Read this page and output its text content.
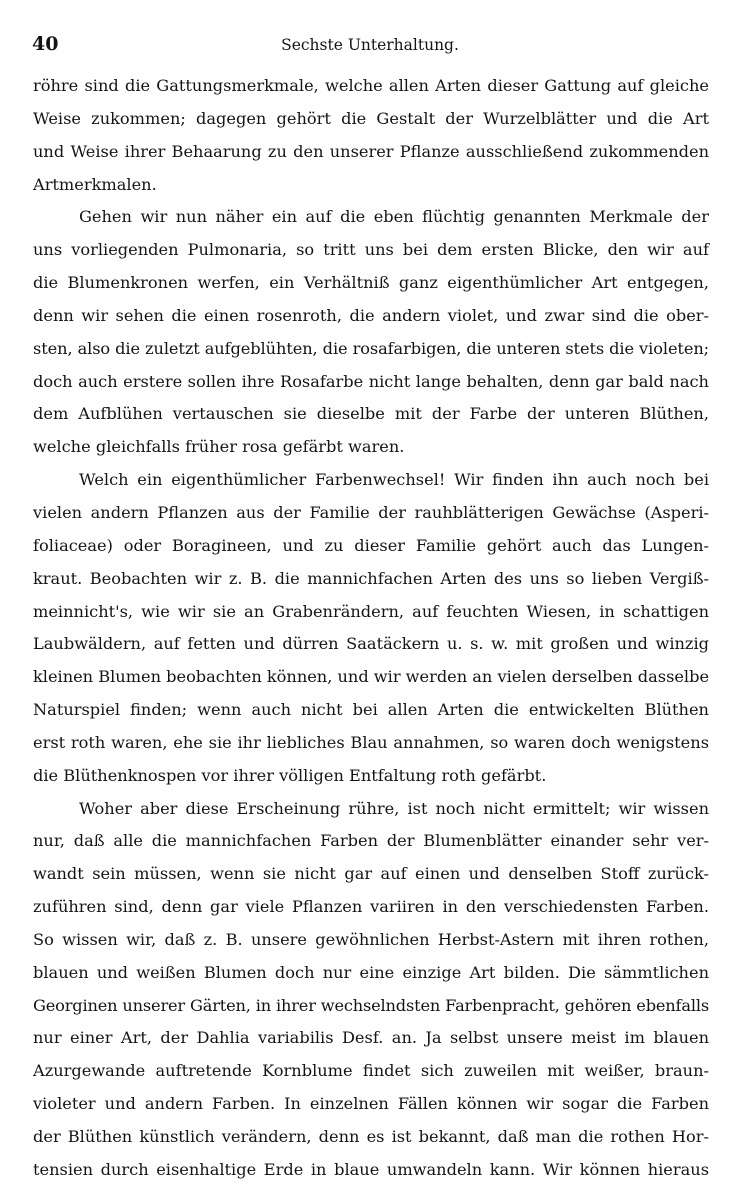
40	Sechste Unterhaltung.
röhre sind die Gattungsmerkmale, welche allen Arten dieser Gattung auf gleiche
Weise zukommen; dagegen gehört die Gestalt der Wurzelblätter und die Art
und Weise ihrer Behaarung zu den unserer Pflanze ausschließend zukommenden
Artmerkmalen.
Gehen wir nun näher ein auf die eben flüchtig genannten Merkmale der
uns vorliegenden Pulmonaria, so tritt uns bei dem ersten Blicke, den wir auf
die Blumenkronen werfen, ein Verhältniß ganz eigenthümlicher Art entgegen,
denn wir sehen die einen rosenroth, die andern violet, und zwar sind die ober-
sten, also die zuletzt aufgeblühten, die rosafarbigen, die unteren stets die violeten;
doch auch erstere sollen ihre Rosafarbe nicht lange behalten, denn gar bald nach
dem Aufblühen vertauschen sie dieselbe mit der Farbe der unteren Blüthen,
welche gleichfalls früher rosa gefärbt waren.
Welch ein eigenthümlicher Farbenwechsel! Wir finden ihn auch noch bei
vielen andern Pflanzen aus der Familie der rauhblätterigen Gewächse (Asperi-
foliaceae) oder Boragineen, und zu dieser Familie gehört auch das Lungen-
kraut. Beobachten wir z. B. die mannichfachen Arten des uns so lieben Vergiß-
meinnicht's, wie wir sie an Grabenrändern, auf feuchten Wiesen, in schattigen
Laubwäldern, auf fetten und dürren Saatäckern u. s. w. mit großen und winzig
kleinen Blumen beobachten können, und wir werden an vielen derselben dasselbe
Naturspiel finden; wenn auch nicht bei allen Arten die entwickelten Blüthen
erst roth waren, ehe sie ihr liebliches Blau annahmen, so waren doch wenigstens
die Blüthenknospen vor ihrer völligen Entfaltung roth gefärbt.
Woher aber diese Erscheinung rühre, ist noch nicht ermittelt; wir wissen
nur, daß alle die mannichfachen Farben der Blumenblätter einander sehr ver-
wandt sein müssen, wenn sie nicht gar auf einen und denselben Stoff zurück-
zuführen sind, denn gar viele Pflanzen variiren in den verschiedensten Farben.
So wissen wir, daß z. B. unsere gewöhnlichen Herbst-Astern mit ihren rothen,
blauen und weißen Blumen doch nur eine einzige Art bilden. Die sämmtlichen
Georginen unserer Gärten, in ihrer wechselndsten Farbenpracht, gehören ebenfalls
nur einer Art, der Dahlia variabilis Desf. an. Ja selbst unsere meist im blauen
Azurgewande auftretende Kornblume findet sich zuweilen mit weißer, braun-
violeter und andern Farben. In einzelnen Fällen können wir sogar die Farben
der Blüthen künstlich verändern, denn es ist bekannt, daß man die rothen Hor-
tensien durch eisenhaltige Erde in blaue umwandeln kann. Wir können hieraus
